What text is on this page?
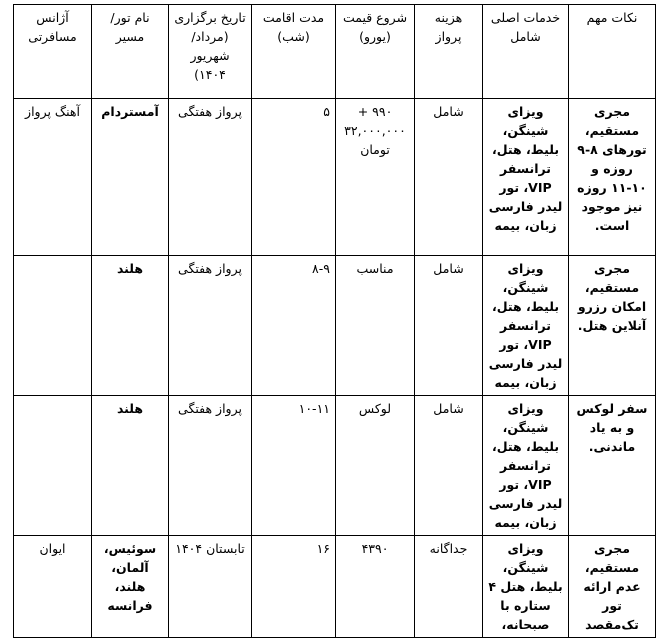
نکات مهم	خدمات اصلی شامل	هزینه پرواز	شروع قیمت (یورو)	مدت اقامت (شب)	تاریخ برگزاری (مرداد/شهریور ۱۴۰۴)	نام تور/مسیر	آژانس مسافرتی
مجری مستقیم، تورهای ۸-۹ روزه و ۱۰-۱۱ روزه نیز موجود است.	ویزای شینگن، بلیط، هتل، ترانسفر VIP، تور لیدر فارسی زبان، بیمه	شامل	۹۹۰ + ۳۲,۰۰۰,۰۰۰ تومان	۵	پرواز هفتگی	آمستردام	آهنگ پرواز
مجری مستقیم، امکان رزرو آنلاین هتل.	ویزای شینگن، بلیط، هتل، ترانسفر VIP، تور لیدر فارسی زبان، بیمه	شامل	مناسب	۸-۹	پرواز هفتگی	هلند	
سفر لوکس و به یاد ماندنی.	ویزای شینگن، بلیط، هتل، ترانسفر VIP، تور لیدر فارسی زبان، بیمه	شامل	لوکس	۱۰-۱۱	پرواز هفتگی	هلند	
مجری مستقیم، عدم ارائه تور تک‌مقصد	ویزای شینگن، بلیط، هتل ۴ ستاره با صبحانه،	جداگانه	۴۳۹۰	۱۶	تابستان ۱۴۰۴	سوئیس، آلمان، هلند، فرانسه	ایوان
